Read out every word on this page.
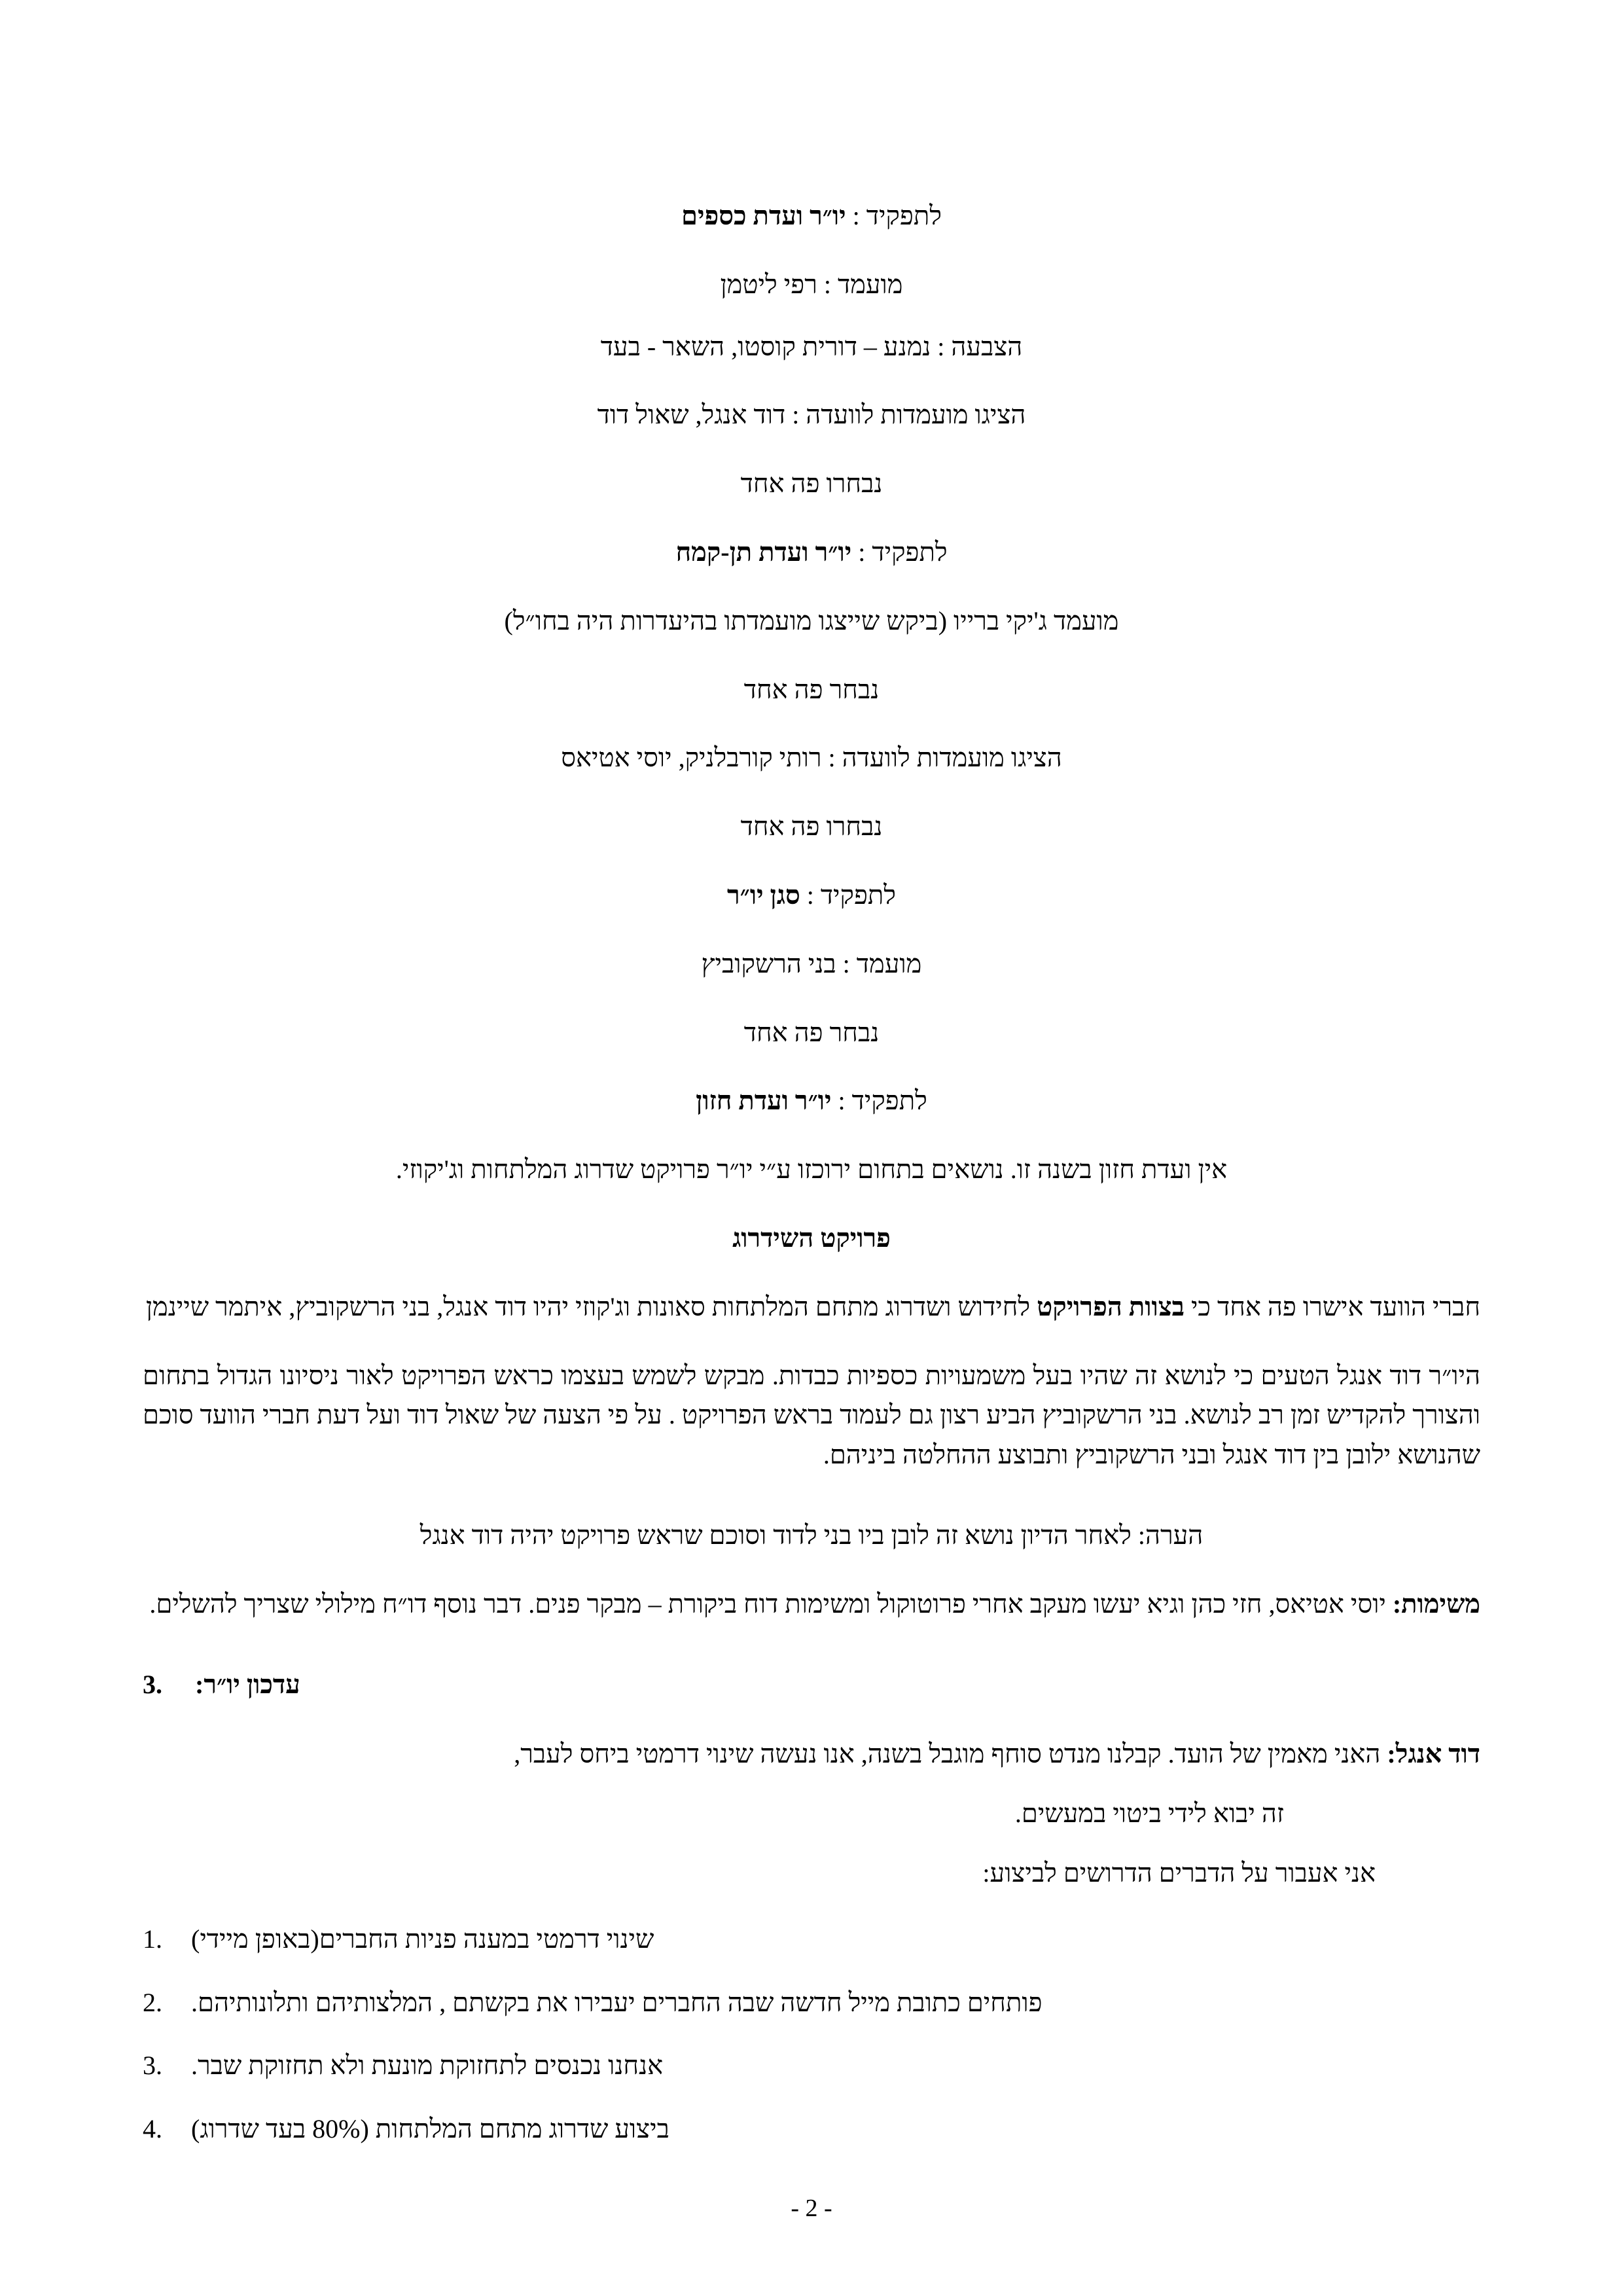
לתפקיד : יו״ר ועדת כספים

מועמד : רפי ליטמן

הצבעה : נמנע – דורית קוסטו, השאר - בעד

הציגו מועמדות לוועדה : דוד אנגל, שאול דוד

נבחרו פה אחד

לתפקיד : יו״ר ועדת תן-קמח

מועמד ג'יקי ברייו (ביקש שייצגו מועמדתו בהיעדרות היה בחו״ל)

נבחר פה אחד

הציגו מועמדות לוועדה : רותי קורבלניק, יוסי אטיאס

נבחרו פה אחד

לתפקיד : סגן יו״ר

מועמד : בני הרשקוביץ

נבחר פה אחד

לתפקיד : יו״ר ועדת חזון

אין ועדת חזון בשנה זו. נושאים בתחום ירוכזו ע״י יו״ר פרויקט שדרוג המלתחות וג'יקוזי.

פרויקט השידרוג

חברי הוועד אישרו פה אחד כי בצוות הפרויקט לחידוש ושדרוג מתחם המלתחות סאונות וג'קוזי יהיו דוד אנגל, בני הרשקוביץ, איתמר שיינמן

היו״ר דוד אנגל הטעים כי לנושא זה שהיו בעל משמעויות כספיות כבדות. מבקש לשמש בעצמו כראש הפרויקט לאור ניסיונו הגדול בתחום והצורך להקדיש זמן רב לנושא. בני הרשקוביץ הביע רצון גם לעמוד בראש הפרויקט . על פי הצעה של שאול דוד ועל דעת חברי הוועד סוכם שהנושא ילובן בין דוד אנגל ובני הרשקוביץ ותבוצע ההחלטה ביניהם.

הערה: לאחר הדיון נושא זה לובן ביו בני לדוד וסוכם שראש פרויקט יהיה דוד אנגל

משימות: יוסי אטיאס, חזי כהן וגיא יעשו מעקב אחרי פרוטוקול ומשימות דוח ביקורת – מבקר פנים. דבר נוסף דו״ח מילולי שצריך להשלים.

3.	עדכון יו״ר:

דוד אנגל: האני מאמין של הועד. קבלנו מנדט סוחף מוגבל בשנה, אנו נעשה שינוי דרמטי ביחס לעבר,

זה יבוא לידי ביטוי במעשים.

אני אעבור על הדברים הדרושים לביצוע:

1.	שינוי דרמטי במענה פניות החברים(באופן מיידי)
2.	פותחים כתובת מייל חדשה שבה החברים יעבירו את בקשתם , המלצותיהם ותלונותיהם.
3.	אנחנו נכנסים לתחזוקת מונעת ולא תחזוקת שבר.
4.	ביצוע שדרוג מתחם המלתחות (80% בעד שדרוג)
- 2 -
